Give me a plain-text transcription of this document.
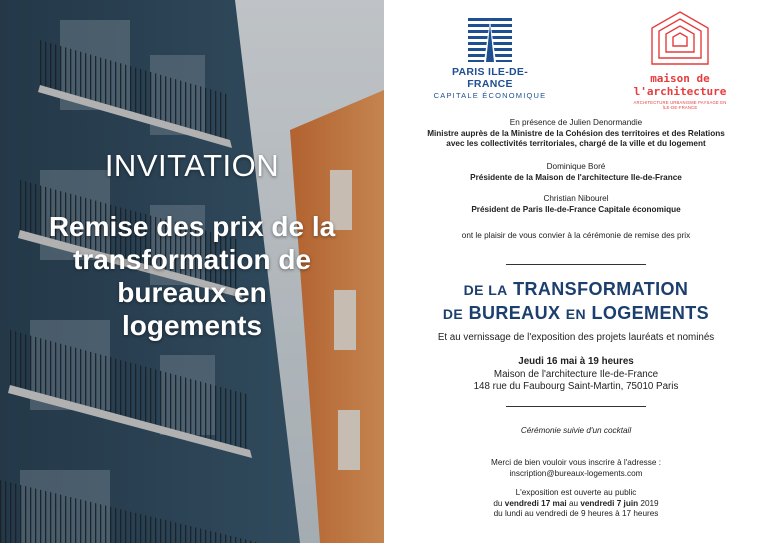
INVITATION
Remise des prix de la transformation de bureaux en logements
PARIS ILE-DE-FRANCE
CAPITALE ÉCONOMIQUE
maison de
l'architecture
ARCHITECTURE URBANISME PAYSAGE EN ÎLE-DE-FRANCE
En présence de Julien Denormandie
Ministre auprès de la Ministre de la Cohésion des territoires et des Relations
avec les collectivités territoriales, chargé de la ville et du logement
Dominique Boré
Présidente de la Maison de l'architecture Ile-de-France
Christian Nibourel
Président de Paris Ile-de-France Capitale économique
ont le plaisir de vous convier à la cérémonie de remise des prix
DE LA TRANSFORMATION
DE BUREAUX EN LOGEMENTS
Et au vernissage de l'exposition des projets lauréats et nominés
Jeudi 16 mai à 19 heures
Maison de l'architecture Ile-de-France
148 rue du Faubourg Saint-Martin, 75010 Paris
Cérémonie suivie d'un cocktail
Merci de bien vouloir vous inscrire à l'adresse :
inscription@bureaux-logements.com
L'exposition est ouverte au public
du vendredi 17 mai au vendredi 7 juin 2019
du lundi au vendredi de 9 heures à 17 heures
